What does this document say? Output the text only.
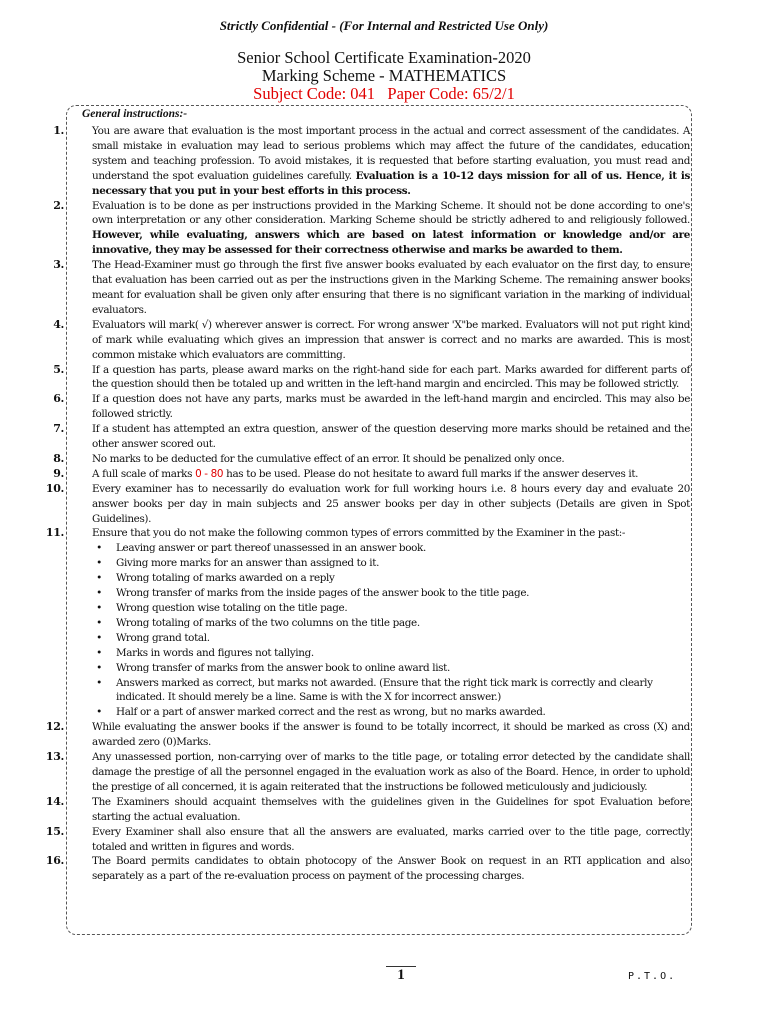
Strictly Confidential - (For Internal and Restricted Use Only)
Senior School Certificate Examination-2020
Marking Scheme - MATHEMATICS
Subject Code: 041   Paper Code: 65/2/1
General instructions:-
1.	You are aware that evaluation is the most important process in the actual and correct assessment of the candidates. A small mistake in evaluation may lead to serious problems which may affect the future of the candidates, education system and teaching profession. To avoid mistakes, it is requested that before starting evaluation, you must read and understand the spot evaluation guidelines carefully. Evaluation is a 10-12 days mission for all of us. Hence, it is necessary that you put in your best efforts in this process.
2.	Evaluation is to be done as per instructions provided in the Marking Scheme. It should not be done according to one's own interpretation or any other consideration. Marking Scheme should be strictly adhered to and religiously followed. However, while evaluating, answers which are based on latest information or knowledge and/or are innovative, they may be assessed for their correctness otherwise and marks be awarded to them.
3.	The Head-Examiner must go through the first five answer books evaluated by each evaluator on the first day, to ensure that evaluation has been carried out as per the instructions given in the Marking Scheme. The remaining answer books meant for evaluation shall be given only after ensuring that there is no significant variation in the marking of individual evaluators.
4.	Evaluators will mark( √) wherever answer is correct. For wrong answer 'X"be marked. Evaluators will not put right kind of mark while evaluating which gives an impression that answer is correct and no marks are awarded. This is most common mistake which evaluators are committing.
5.	If a question has parts, please award marks on the right-hand side for each part. Marks awarded for different parts of the question should then be totaled up and written in the left-hand margin and encircled. This may be followed strictly.
6.	If a question does not have any parts, marks must be awarded in the left-hand margin and encircled. This may also be followed strictly.
7.	If a student has attempted an extra question, answer of the question deserving more marks should be retained and the other answer scored out.
8.	No marks to be deducted for the cumulative effect of an error. It should be penalized only once.
9.	A full scale of marks 0 - 80 has to be used. Please do not hesitate to award full marks if the answer deserves it.
10.	Every examiner has to necessarily do evaluation work for full working hours i.e. 8 hours every day and evaluate 20 answer books per day in main subjects and 25 answer books per day in other subjects (Details are given in Spot Guidelines).
11.	Ensure that you do not make the following common types of errors committed by the Examiner in the past:-
•	Leaving answer or part thereof unassessed in an answer book.
•	Giving more marks for an answer than assigned to it.
•	Wrong totaling of marks awarded on a reply
•	Wrong transfer of marks from the inside pages of the answer book to the title page.
•	Wrong question wise totaling on the title page.
•	Wrong totaling of marks of the two columns on the title page.
•	Wrong grand total.
•	Marks in words and figures not tallying.
•	Wrong transfer of marks from the answer book to online award list.
•	Answers marked as correct, but marks not awarded. (Ensure that the right tick mark is correctly and clearly indicated. It should merely be a line. Same is with the X for incorrect answer.)
•	Half or a part of answer marked correct and the rest as wrong, but no marks awarded.
12.	While evaluating the answer books if the answer is found to be totally incorrect, it should be marked as cross (X) and awarded zero (0)Marks.
13.	Any unassessed portion, non-carrying over of marks to the title page, or totaling error detected by the candidate shall damage the prestige of all the personnel engaged in the evaluation work as also of the Board. Hence, in order to uphold the prestige of all concerned, it is again reiterated that the instructions be followed meticulously and judiciously.
14.	The Examiners should acquaint themselves with the guidelines given in the Guidelines for spot Evaluation before starting the actual evaluation.
15.	Every Examiner shall also ensure that all the answers are evaluated, marks carried over to the title page, correctly totaled and written in figures and words.
16.	The Board permits candidates to obtain photocopy of the Answer Book on request in an RTI application and also separately as a part of the re-evaluation process on payment of the processing charges.
1	P.T.O.
